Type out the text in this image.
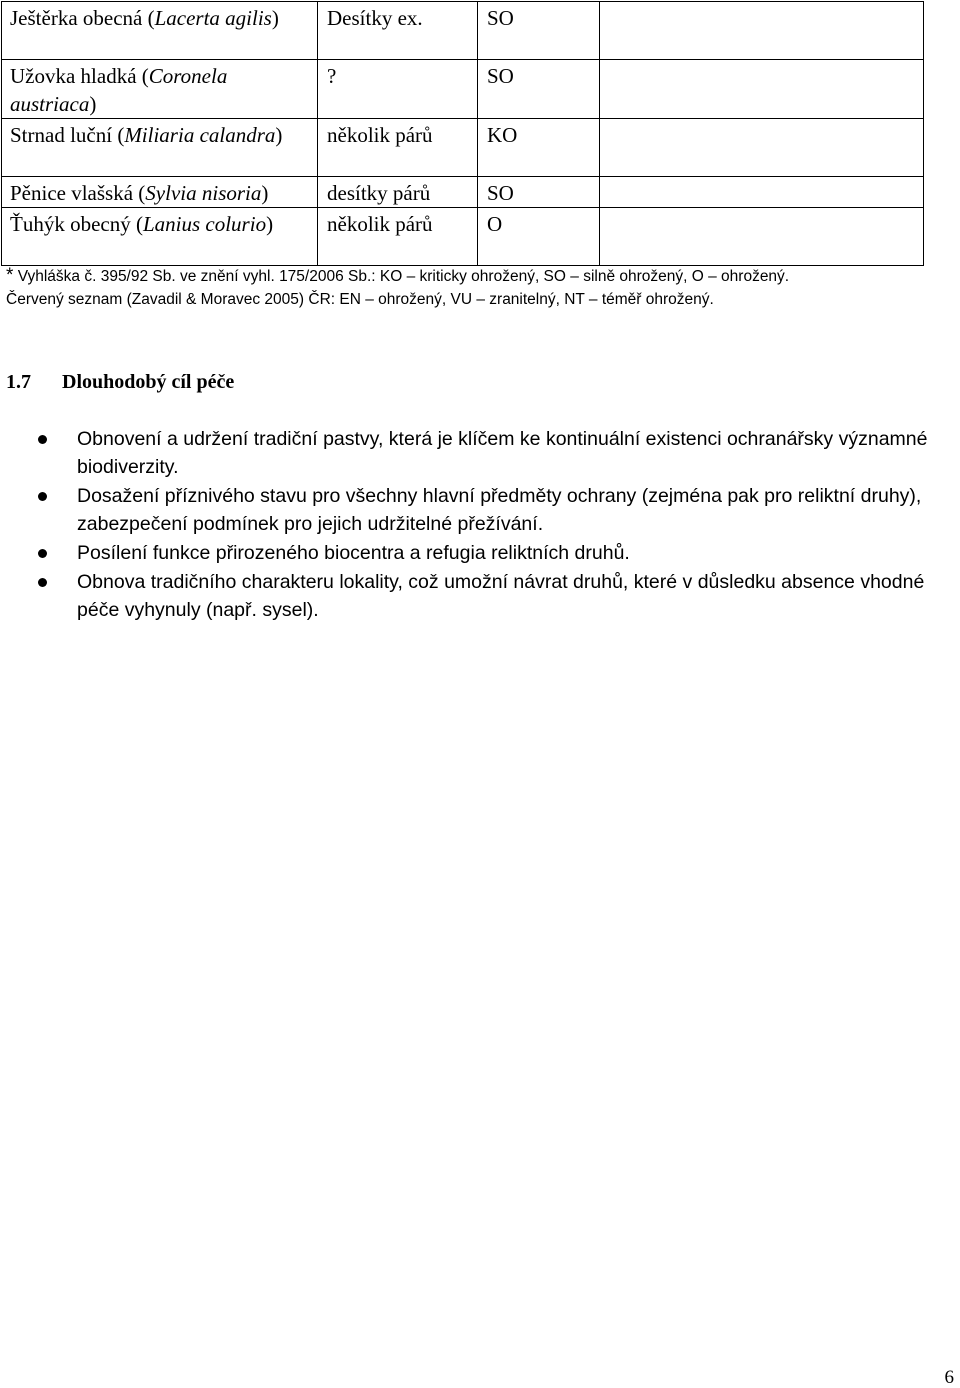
Ještěrka obecná (Lacerta agilis)	Desítky ex.	SO	
Užovka hladká (Coronela austriaca)	?	SO	
Strnad luční (Miliaria calandra)	několik párů	KO	
Pěnice vlašská (Sylvia nisoria)	desítky párů	SO	
Ťuhýk obecný (Lanius colurio)	několik párů	O	
* Vyhláška č. 395/92 Sb. ve znění vyhl. 175/2006 Sb.: KO – kriticky ohrožený, SO – silně ohrožený, O – ohrožený.
Červený seznam (Zavadil & Moravec 2005) ČR: EN – ohrožený, VU – zranitelný, NT – téměř ohrožený.
1.7 Dlouhodobý cíl péče
Obnovení a udržení tradiční pastvy, která je klíčem ke kontinuální existenci ochranářsky významné biodiverzity.
Dosažení příznivého stavu pro všechny hlavní předměty ochrany (zejména pak pro reliktní druhy), zabezpečení podmínek pro jejich udržitelné přežívání.
Posílení funkce přirozeného biocentra a refugia reliktních druhů.
Obnova tradičního charakteru lokality, což umožní návrat druhů, které v důsledku absence vhodné péče vyhynuly (např. sysel).
6
